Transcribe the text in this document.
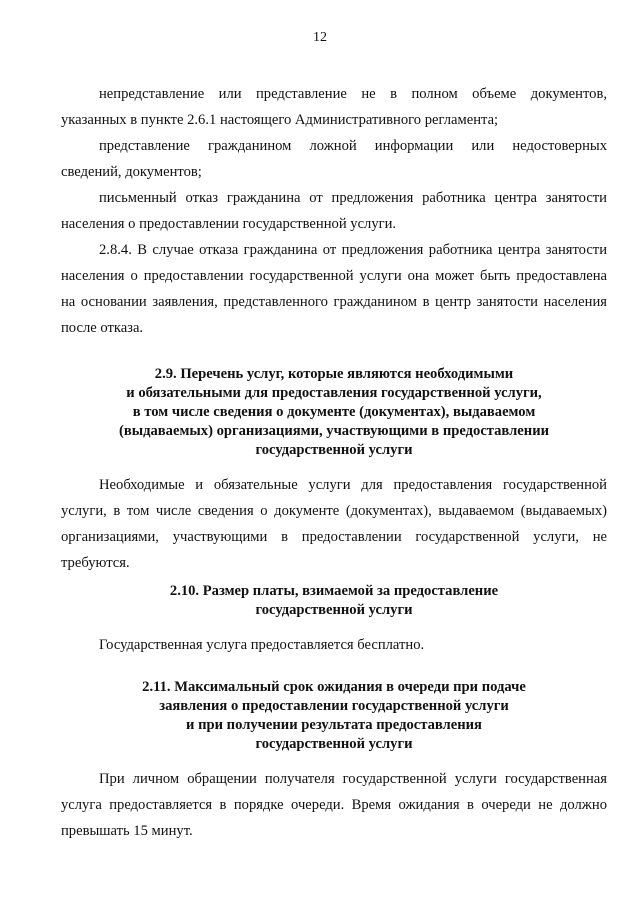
12

непредставление или представление не в полном объеме документов,
указанных в пункте 2.6.1 настоящего Административного регламента;

представление гражданином ложной информации или недостоверных
сведений, документов;

письменный отказ гражданина от предложения работника центра занятости
населения о предоставлении государственной услуги.

2.8.4. В случае отказа гражданина от предложения работника центра занятости
населения о предоставлении государственной услуги она может быть предоставлена
на основании заявления, представленного гражданином в центр занятости населения
после отказа.

2.9. Перечень услуг, которые являются необходимыми
и обязательными для предоставления государственной услуги,
в том числе сведения о документе (документах), выдаваемом
(выдаваемых) организациями, участвующими в предоставлении
государственной услуги

Необходимые и обязательные услуги для предоставления государственной
услуги, в том числе сведения о документе (документах), выдаваемом (выдаваемых)
организациями, участвующими в предоставлении государственной услуги, не
требуются.

2.10. Размер платы, взимаемой за предоставление
государственной услуги

Государственная услуга предоставляется бесплатно.

2.11. Максимальный срок ожидания в очереди при подаче
заявления о предоставлении государственной услуги
и при получении результата предоставления
государственной услуги

При личном обращении получателя государственной услуги государственная
услуга предоставляется в порядке очереди. Время ожидания в очереди не должно
превышать 15 минут.
